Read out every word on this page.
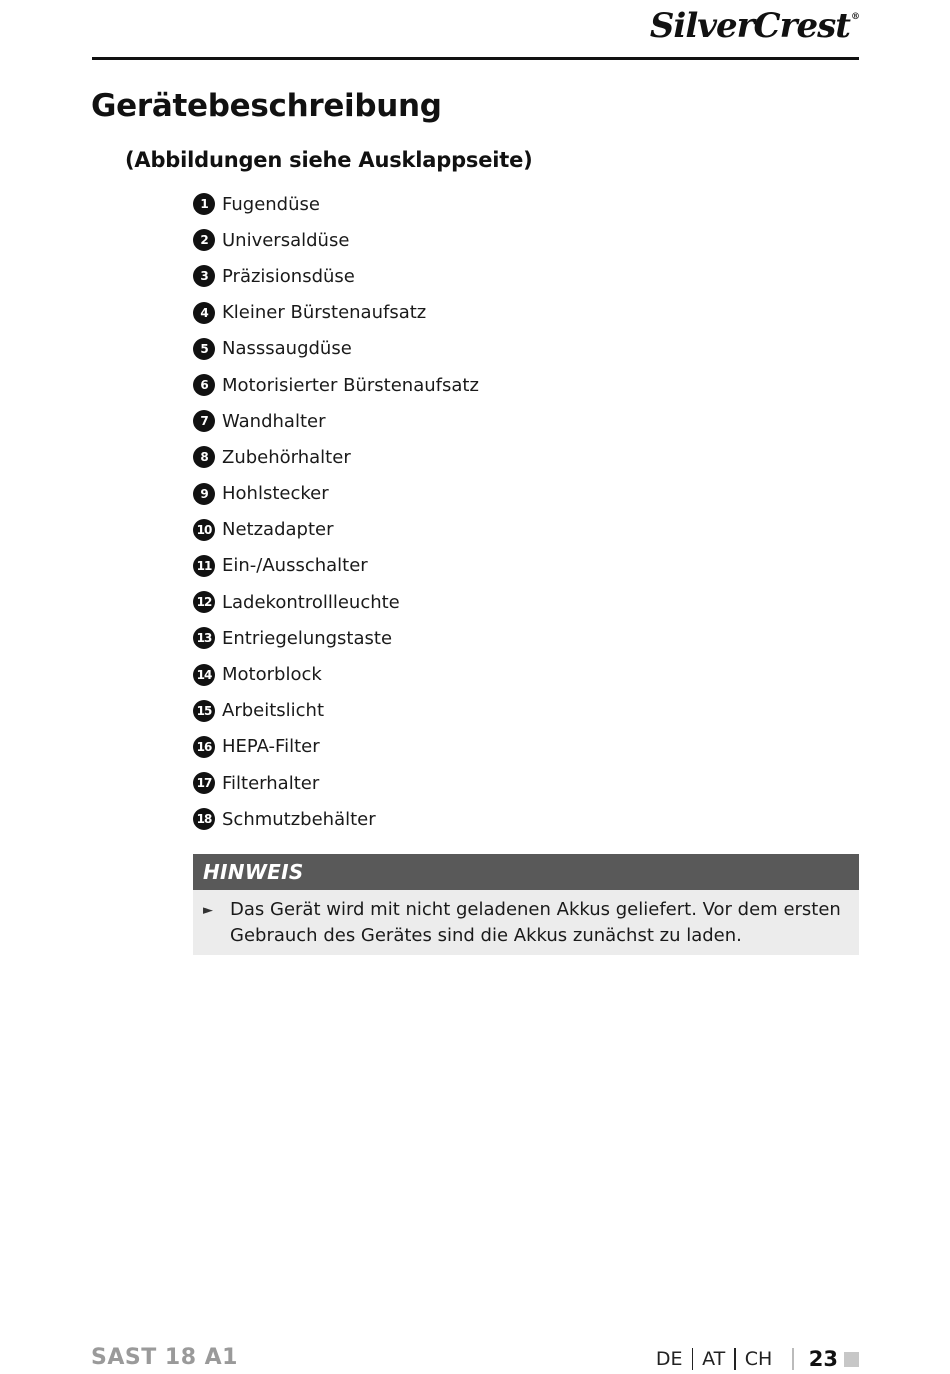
SilverCrest®
Gerätebeschreibung
(Abbildungen siehe Ausklappseite)
1 Fugendüse
2 Universaldüse
3 Präzisionsdüse
4 Kleiner Bürstenaufsatz
5 Nasssaugdüse
6 Motorisierter Bürstenaufsatz
7 Wandhalter
8 Zubehörhalter
9 Hohlstecker
10 Netzadapter
11 Ein-/Ausschalter
12 Ladekontrollleuchte
13 Entriegelungstaste
14 Motorblock
15 Arbeitslicht
16 HEPA-Filter
17 Filterhalter
18 Schmutzbehälter
HINWEIS
► Das Gerät wird mit nicht geladenen Akkus geliefert. Vor dem ersten Gebrauch des Gerätes sind die Akkus zunächst zu laden.
SAST 18 A1	DE AT CH 23
